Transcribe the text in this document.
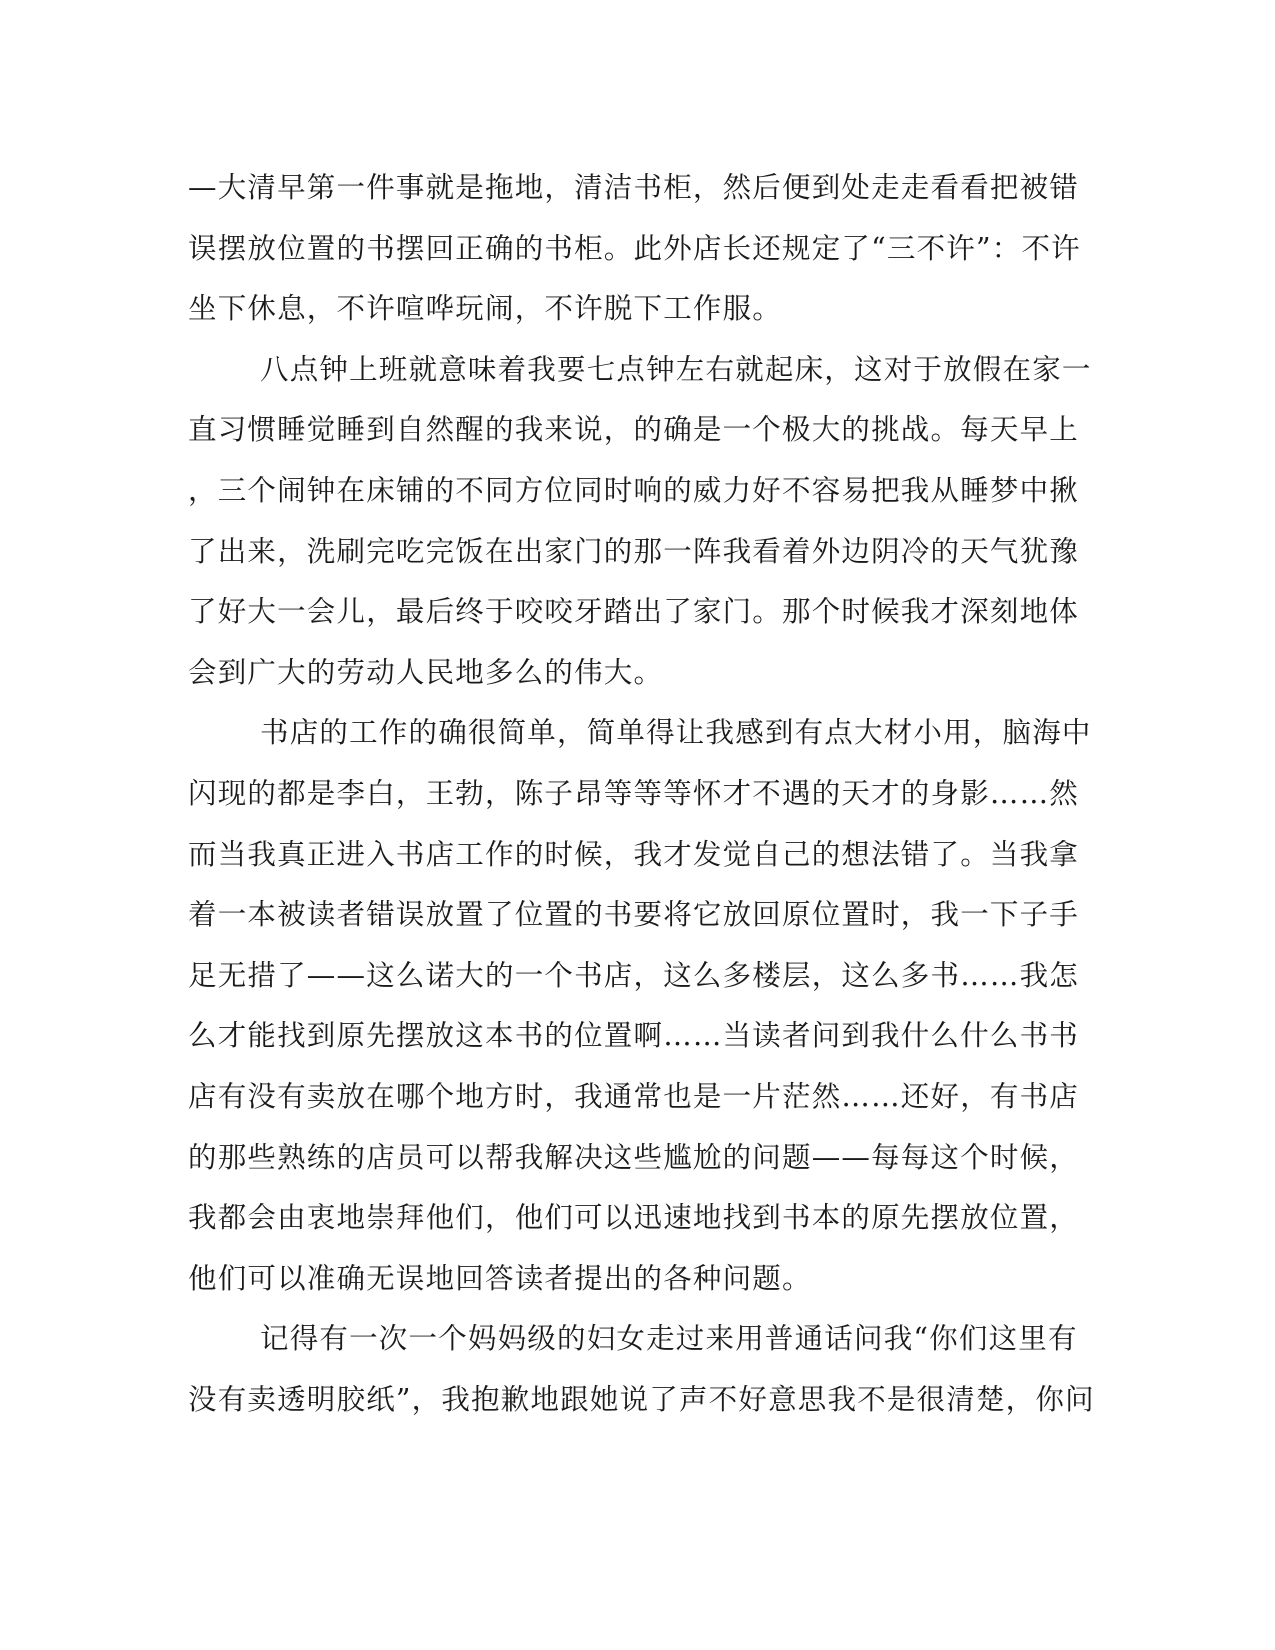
—大清早第一件事就是拖地，清洁书柜，然后便到处走走看看把被错
误摆放位置的书摆回正确的书柜。此外店长还规定了“三不许”：不许
坐下休息，不许喧哗玩闹，不许脱下工作服。
八点钟上班就意味着我要七点钟左右就起床，这对于放假在家一
直习惯睡觉睡到自然醒的我来说，的确是一个极大的挑战。每天早上
，三个闹钟在床铺的不同方位同时响的威力好不容易把我从睡梦中揪
了出来，洗刷完吃完饭在出家门的那一阵我看着外边阴冷的天气犹豫
了好大一会儿，最后终于咬咬牙踏出了家门。那个时候我才深刻地体
会到广大的劳动人民地多么的伟大。
书店的工作的确很简单，简单得让我感到有点大材小用，脑海中
闪现的都是李白，王勃，陈子昂等等等怀才不遇的天才的身影……然
而当我真正进入书店工作的时候，我才发觉自己的想法错了。当我拿
着一本被读者错误放置了位置的书要将它放回原位置时，我一下子手
足无措了——这么诺大的一个书店，这么多楼层，这么多书……我怎
么才能找到原先摆放这本书的位置啊……当读者问到我什么什么书书
店有没有卖放在哪个地方时，我通常也是一片茫然……还好，有书店
的那些熟练的店员可以帮我解决这些尴尬的问题——每每这个时候，
我都会由衷地崇拜他们，他们可以迅速地找到书本的原先摆放位置，
他们可以准确无误地回答读者提出的各种问题。
记得有一次一个妈妈级的妇女走过来用普通话问我“你们这里有
没有卖透明胶纸”，我抱歉地跟她说了声不好意思我不是很清楚，你问
